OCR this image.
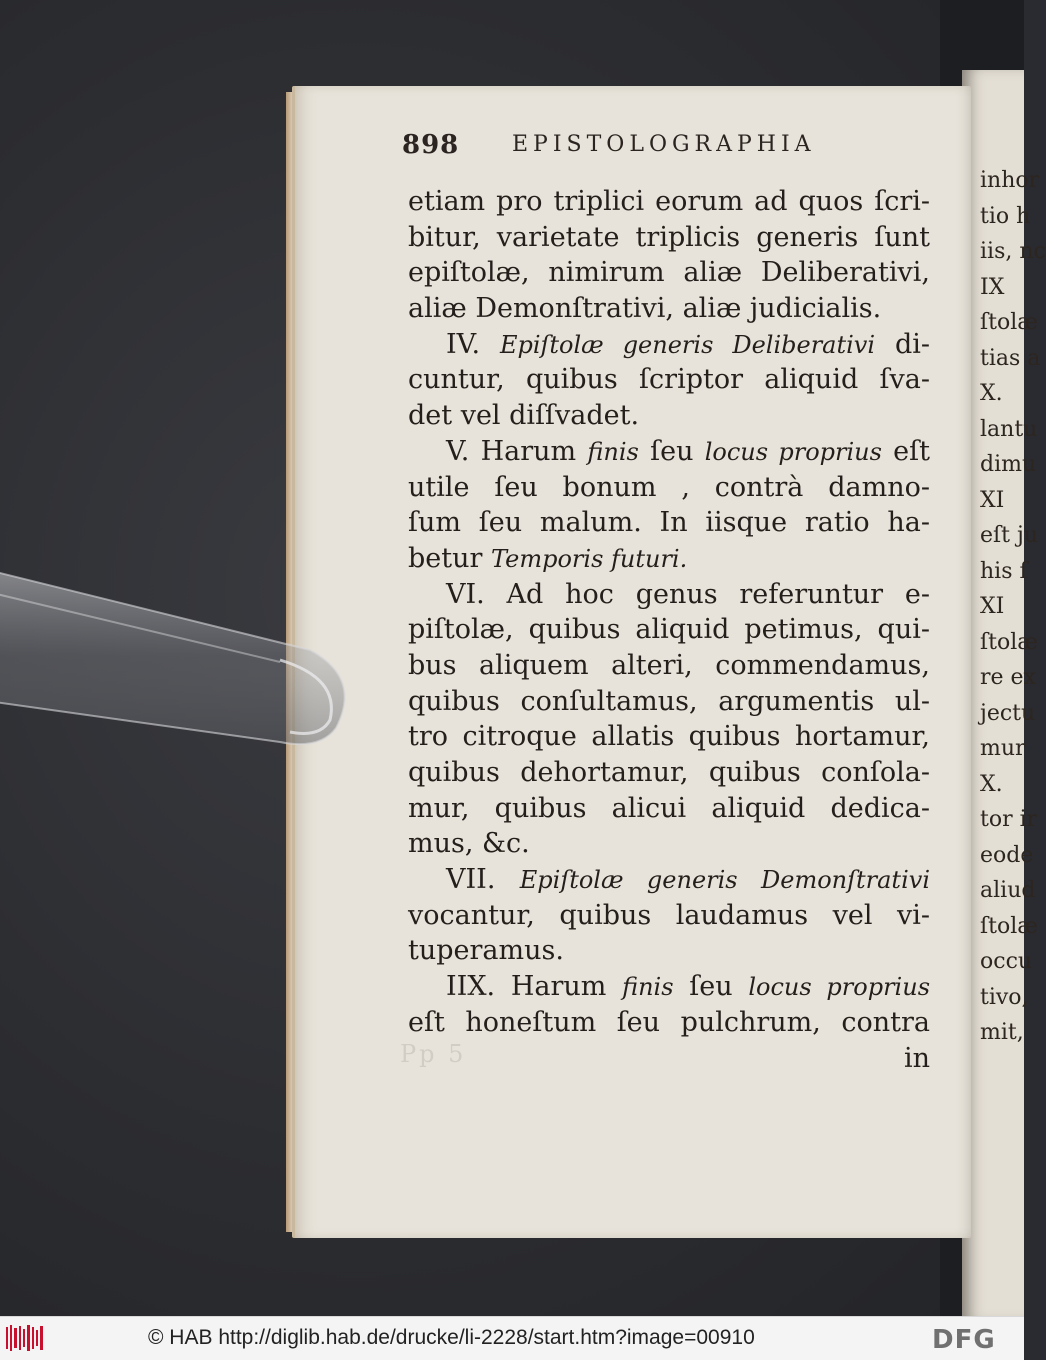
inhor
tio h
iis, nc
IX
ſtolæ
tias a
X.
lantu
dimu
XI
eſt ju
his ſ
XI
ſtolæ
re ex
jectu
mur
X.
tor ir
eode
aliud
ſtolæ
occu
tivo,
mit,
898 EPISTOLOGRAPHIA
etiam pro triplici eorum ad quos ſcri-
bitur, varietate triplicis generis ſunt
epiſtolæ, nimirum aliæ Deliberativi,
aliæ Demonſtrativi, aliæ judicialis.
IV. Epiſtolæ generis Deliberativi di-
cuntur, quibus ſcriptor aliquid ſva-
det vel diſſvadet.
V. Harum finis ſeu locus proprius eſt
utile ſeu bonum , contrà damno-
ſum ſeu malum. In iisque ratio ha-
betur Temporis futuri.
VI. Ad hoc genus referuntur e-
piſtolæ, quibus aliquid petimus, qui-
bus aliquem alteri, commendamus,
quibus conſultamus, argumentis ul-
tro citroque allatis quibus hortamur,
quibus dehortamur, quibus conſola-
mur, quibus alicui aliquid dedica-
mus, &c.
VII. Epiſtolæ generis Demonſtrativi
vocantur, quibus laudamus vel vi-
tuperamus.
IIX. Harum finis ſeu locus proprius
eſt honeſtum ſeu pulchrum, contra
in
Pp 5
© HAB http://diglib.hab.de/drucke/li-2228/start.htm?image=00910	DFG
